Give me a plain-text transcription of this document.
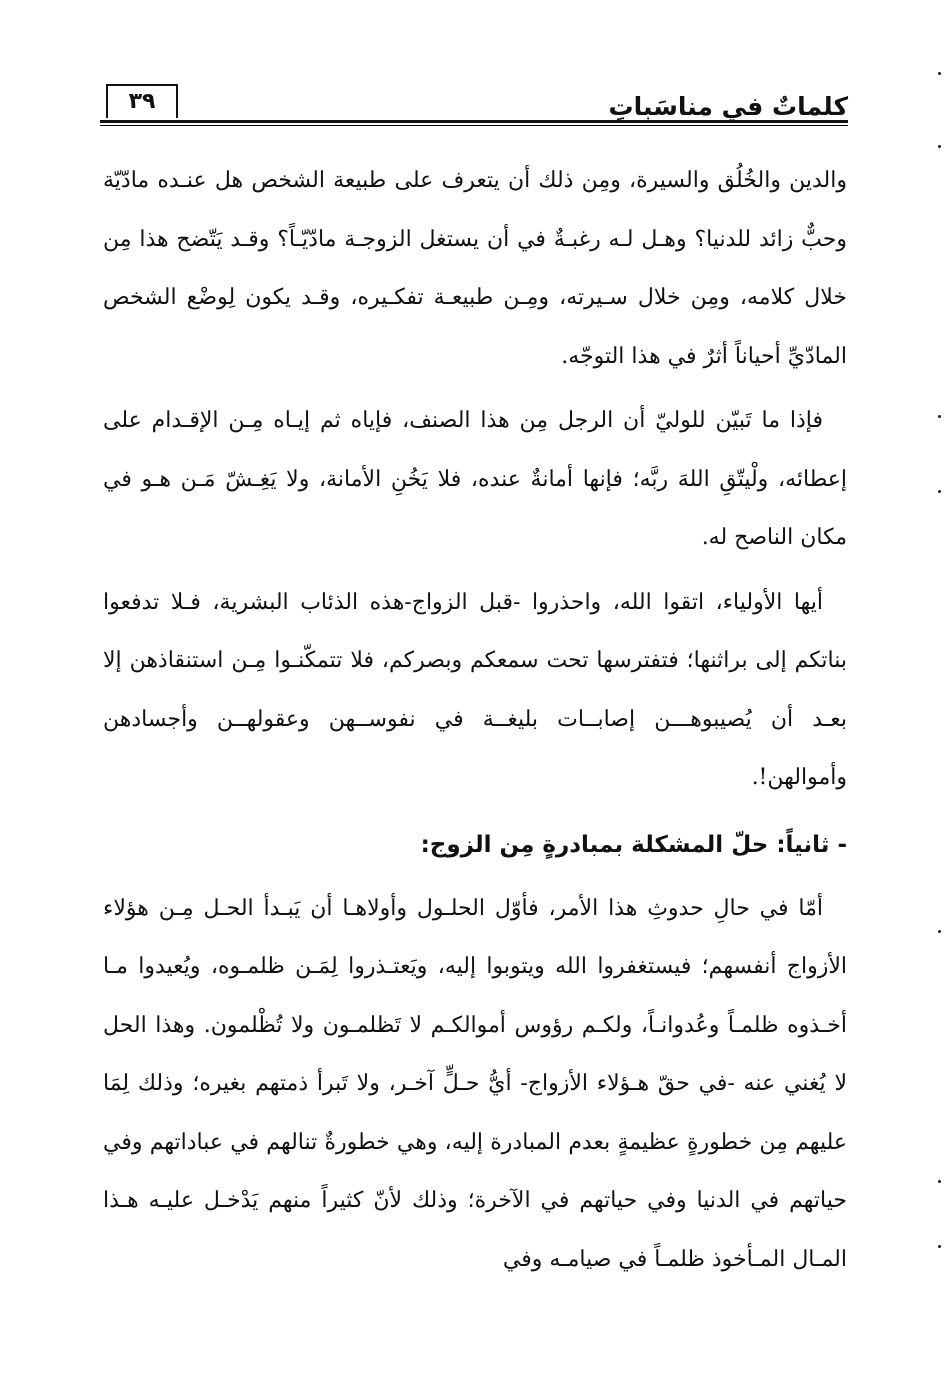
كلماتٌ في مناسَباتٍ
٣٩

والدين والخُلُق والسيرة، ومِن ذلك أن يتعرف على طبيعة الشخص هل عنـده مادّيّة وحبٌّ زائد للدنيا؟ وهـل لـه رغبـةٌ في أن يستغل الزوجـة مادّيّـاً؟ وقـد يَتّضح هذا مِن خلال كلامه، ومِن خلال سـيرته، ومِـن طبيعـة تفكـيره، وقـد يكون لِوضْع الشخص المادّيِّ أحياناً أثرٌ في هذا التوجّه.

فإذا ما تَبيّن للوليّ أن الرجل مِن هذا الصنف، فإياه ثم إيـاه مِـن الإقـدام على إعطائه، ولْيتّقِ اللهَ ربَّه؛ فإنها أمانةٌ عنده، فلا يَخُنِ الأمانة، ولا يَغِـشّ مَـن هـو في مكان الناصح له.

أيها الأولياء، اتقوا الله، واحذروا -قبل الزواج-هذه الذئاب البشرية، فـلا تدفعوا بناتكم إلى براثنها؛ فتفترسها تحت سمعكم وبصركم، فلا تتمكّنـوا مِـن استنقاذهن إلا بعـد أن يُصيبوهـــن إصابــات بليغــة في نفوســهن وعقولهــن وأجسادهن وأموالهن!.

- ثانياً: حلّ المشكلة بمبادرةٍ مِن الزوج:

أمّا في حالِ حدوثِ هذا الأمر، فأوّل الحلـول وأولاهـا أن يَبـدأ الحـل مِـن هؤلاء الأزواج أنفسهم؛ فيستغفروا الله ويتوبوا إليه، ويَعتـذروا لِمَـن ظلمـوه، ويُعيدوا مـا أخـذوه ظلمـاً وعُدوانـاً، ولكـم رؤوس أموالكـم لا تَظلمـون ولا تُظْلمون. وهذا الحل لا يُغني عنه -في حقّ هـؤلاء الأزواج- أيُّ حـلٍّ آخـر، ولا تَبرأ ذمتهم بغيره؛ وذلك لِمَا عليهم مِن خطورةٍ عظيمةٍ بعدم المبادرة إليه، وهي خطورةٌ تنالهم في عباداتهم وفي حياتهم في الدنيا وفي حياتهم في الآخرة؛ وذلك لأنّ كثيراً منهم يَدْخـل عليـه هـذا المـال المـأخوذ ظلمـاً في صيامـه وفي
